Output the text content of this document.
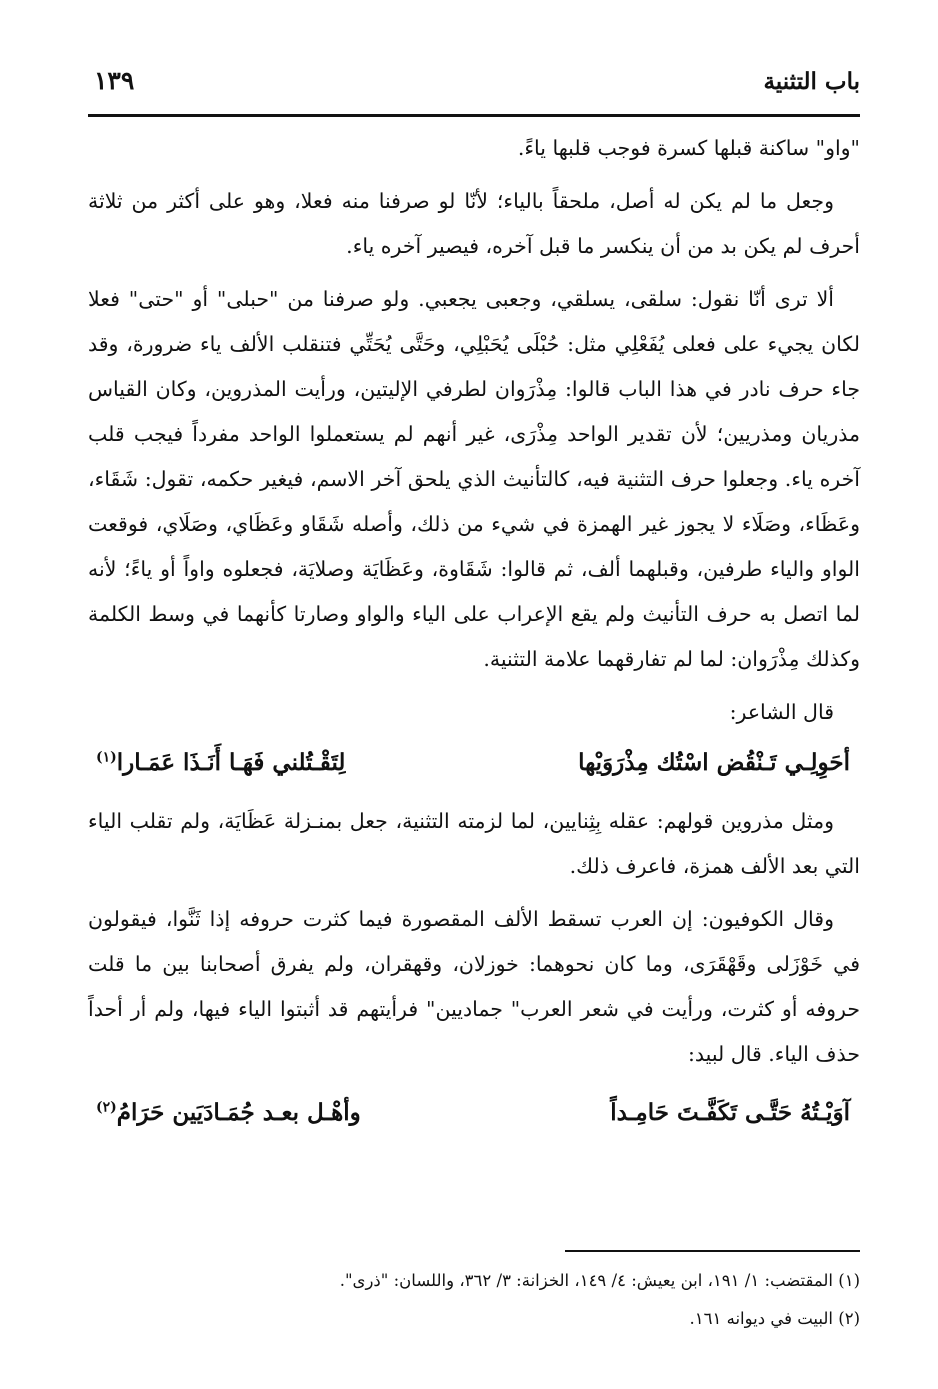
باب التثنية
١٣٩

"واو" ساكنة قبلها كسرة فوجب قلبها ياءً.

وجعل ما لم يكن له أصل، ملحقاً بالياء؛ لأنّا لو صرفنا منه فعلا، وهو على أكثر من ثلاثة أحرف لم يكن بد من أن ينكسر ما قبل آخره، فيصير آخره ياء.

ألا ترى أنّا نقول: سلقى، يسلقي، وجعبى يجعبي. ولو صرفنا من "حبلى" أو "حتى" فعلا لكان يجيء على فعلى يُفَعْلِي مثل: حُبْلَى يُحَبْلِي، وحَتَّى يُحَتِّي فتنقلب الألف ياء ضرورة، وقد جاء حرف نادر في هذا الباب قالوا: مِذْرَوان لطرفي الإليتين، ورأيت المذروين، وكان القياس مذريان ومذريين؛ لأن تقدير الواحد مِذْرَى، غير أنهم لم يستعملوا الواحد مفرداً فيجب قلب آخره ياء. وجعلوا حرف التثنية فيه، كالتأنيث الذي يلحق آخر الاسم، فيغير حكمه، تقول: شَقَاء، وعَظَاء، وصَلَاء لا يجوز غير الهمزة في شيء من ذلك، وأصله شَقَاو وعَظَاي، وصَلَاي، فوقعت الواو والياء طرفين، وقبلهما ألف، ثم قالوا: شَقَاوة، وعَظَايَة وصلايَة، فجعلوه واواً أو ياءً؛ لأنه لما اتصل به حرف التأنيث ولم يقع الإعراب على الياء والواو وصارتا كأنهما في وسط الكلمة وكذلك مِذْرَوان: لما لم تفارقهما علامة التثنية.

قال الشاعر:

أحَوِلِـي تَـنْقُض اسْتُك مِذْرَوَيْها
لِتَقْـتُلني فَهَـا أَنَـذَا عَمَـارا$^{(١)}$

ومثل مذروين قولهم: عقله بِثِنايين، لما لزمته التثنية، جعل بمنـزلة عَظَايَة، ولم تقلب الياء التي بعد الألف همزة، فاعرف ذلك.

وقال الكوفيون: إن العرب تسقط الألف المقصورة فيما كثرت حروفه إذا ثَنَّوا، فيقولون في خَوْزَلى وقَهْقَرَى، وما كان نحوهما: خوزلان، وقهقران، ولم يفرق أصحابنا بين ما قلت حروفه أو كثرت، ورأيت في شعر العرب" جماديين" فرأيتهم قد أثبتوا الياء فيها، ولم أر أحداً حذف الياء. قال لبيد:

آوَيْـتُهُ حَتَّـى تَكَفَّـتَ حَامِـداً
وأهْـل بعـد جُمَـادَيَين حَرَامُ$^{(٢)}$

(١) المقتضب: ١/ ١٩١، ابن يعيش: ٤/ ١٤٩، الخزانة: ٣/ ٣٦٢، واللسان: "ذرى".

(٢) البيت في ديوانه ١٦١.
